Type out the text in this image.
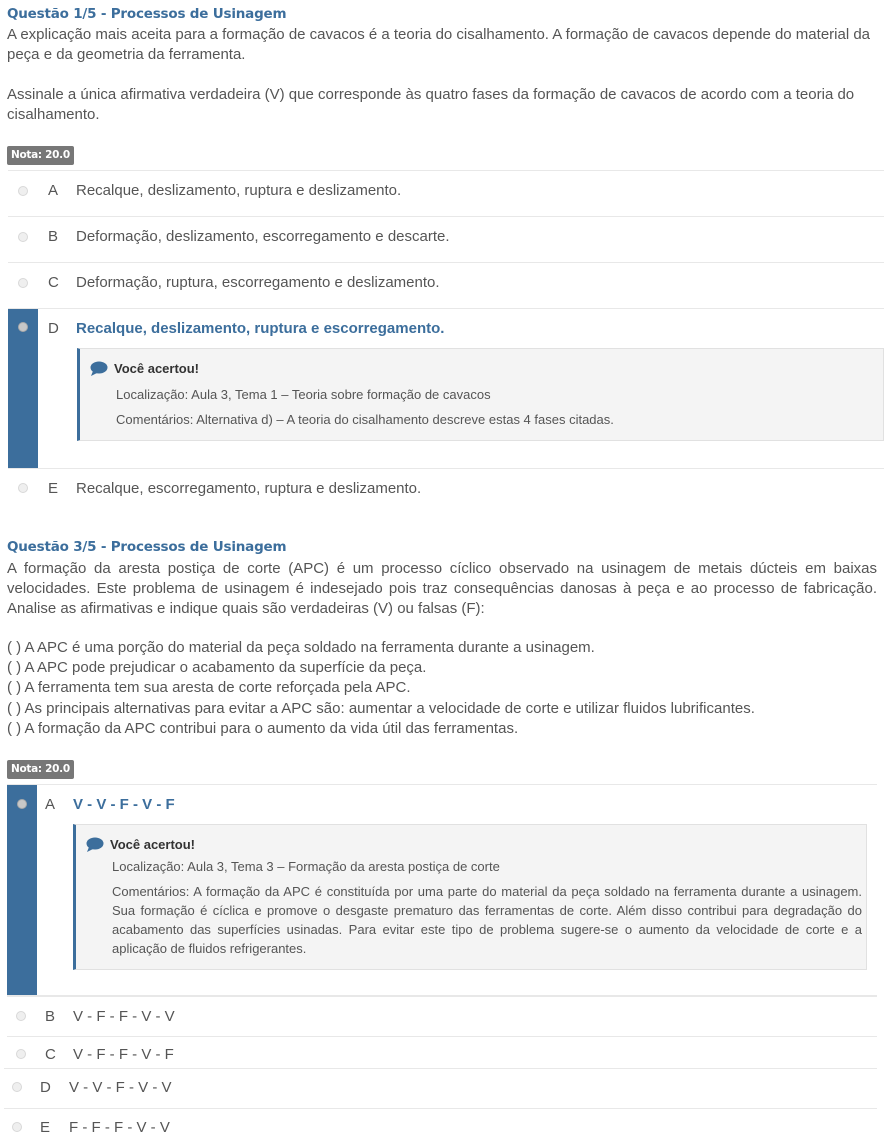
Questão 1/5 - Processos de Usinagem
A explicação mais aceita para a formação de cavacos é a teoria do cisalhamento. A formação de cavacos depende do material da peça e da geometria da ferramenta.
Assinale a única afirmativa verdadeira (V) que corresponde às quatro fases da formação de cavacos de acordo com a teoria do cisalhamento.
Nota: 20.0
A Recalque, deslizamento, ruptura e deslizamento.
B Deformação, deslizamento, escorregamento e descarte.
C Deformação, ruptura, escorregamento e deslizamento.
D Recalque, deslizamento, ruptura e escorregamento.
Você acertou!
Localização: Aula 3, Tema 1 – Teoria sobre formação de cavacos
Comentários: Alternativa d) – A teoria do cisalhamento descreve estas 4 fases citadas.
E Recalque, escorregamento, ruptura e deslizamento.
Questão 3/5 - Processos de Usinagem
A formação da aresta postiça de corte (APC) é um processo cíclico observado na usinagem de metais dúcteis em baixas velocidades. Este problema de usinagem é indesejado pois traz consequências danosas à peça e ao processo de fabricação. Analise as afirmativas e indique quais são verdadeiras (V) ou falsas (F):
( ) A APC é uma porção do material da peça soldado na ferramenta durante a usinagem.
( ) A APC pode prejudicar o acabamento da superfície da peça.
( ) A ferramenta tem sua aresta de corte reforçada pela APC.
( ) As principais alternativas para evitar a APC são: aumentar a velocidade de corte e utilizar fluidos lubrificantes.
( ) A formação da APC contribui para o aumento da vida útil das ferramentas.
Nota: 20.0
A V - V - F - V - F
Você acertou!
Localização: Aula 3, Tema 3 – Formação da aresta postiça de corte
Comentários: A formação da APC é constituída por uma parte do material da peça soldado na ferramenta durante a usinagem. Sua formação é cíclica e promove o desgaste prematuro das ferramentas de corte. Além disso contribui para degradação do acabamento das superfícies usinadas. Para evitar este tipo de problema sugere-se o aumento da velocidade de corte e a aplicação de fluidos refrigerantes.
B V - F - F - V - V
C V - F - F - V - F
D V - V - F - V - V
E F - F - F - V - V
